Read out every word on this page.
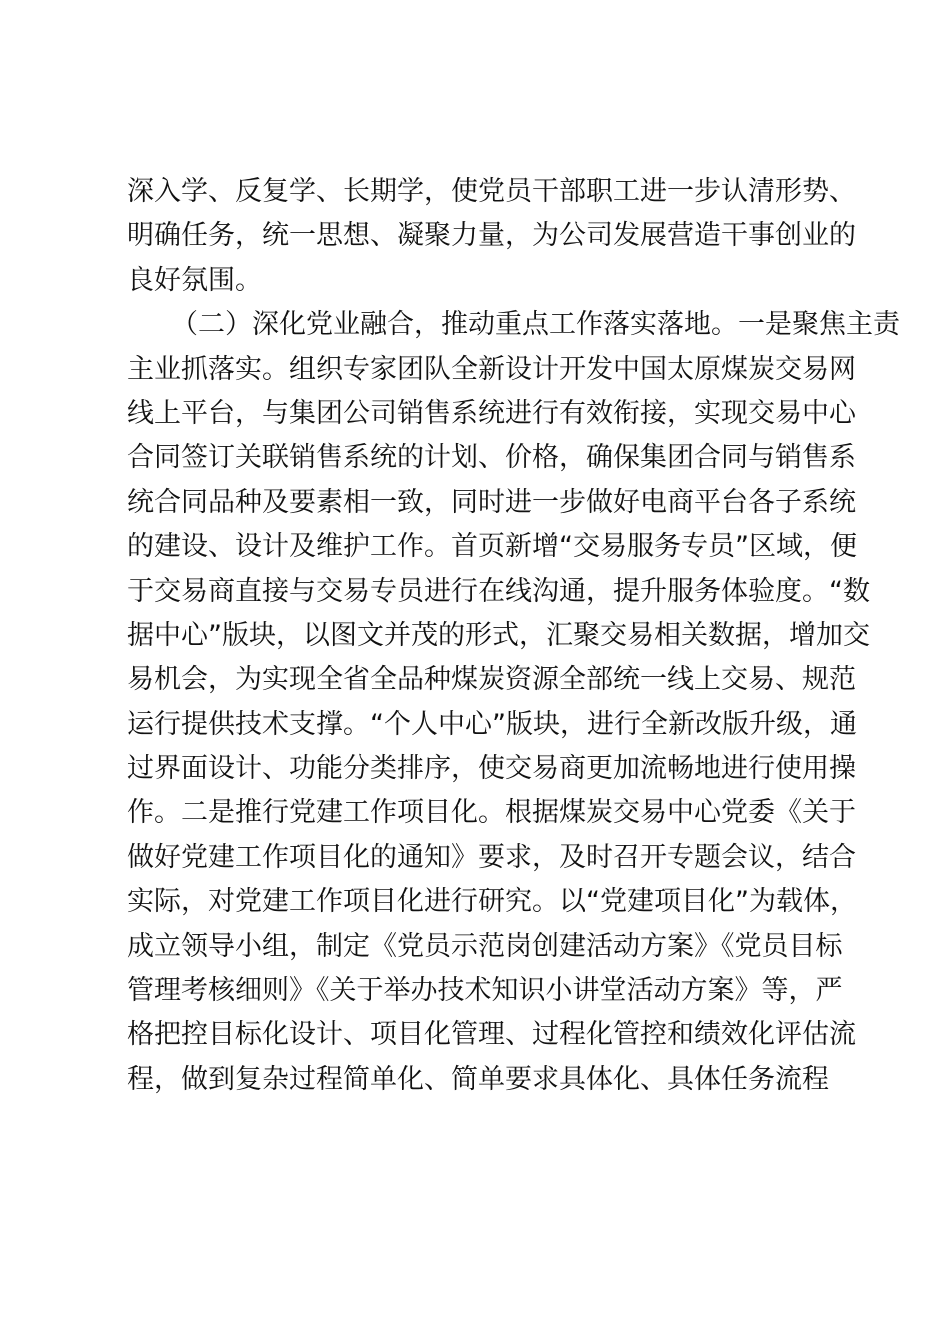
深入学、反复学、长期学，使党员干部职工进一步认清形势、
明确任务，统一思想、凝聚力量，为公司发展营造干事创业的
良好氛围。
（二）深化党业融合，推动重点工作落实落地。一是聚焦主责
主业抓落实。组织专家团队全新设计开发中国太原煤炭交易网
线上平台，与集团公司销售系统进行有效衔接，实现交易中心
合同签订关联销售系统的计划、价格，确保集团合同与销售系
统合同品种及要素相一致，同时进一步做好电商平台各子系统
的建设、设计及维护工作。首页新增“交易服务专员”区域，便
于交易商直接与交易专员进行在线沟通，提升服务体验度。“数
据中心”版块，以图文并茂的形式，汇聚交易相关数据，增加交
易机会，为实现全省全品种煤炭资源全部统一线上交易、规范
运行提供技术支撑。“个人中心”版块，进行全新改版升级，通
过界面设计、功能分类排序，使交易商更加流畅地进行使用操
作。二是推行党建工作项目化。根据煤炭交易中心党委《关于
做好党建工作项目化的通知》要求，及时召开专题会议，结合
实际，对党建工作项目化进行研究。以“党建项目化”为载体，
成立领导小组，制定《党员示范岗创建活动方案》《党员目标
管理考核细则》《关于举办技术知识小讲堂活动方案》等，严
格把控目标化设计、项目化管理、过程化管控和绩效化评估流
程，做到复杂过程简单化、简单要求具体化、具体任务流程
